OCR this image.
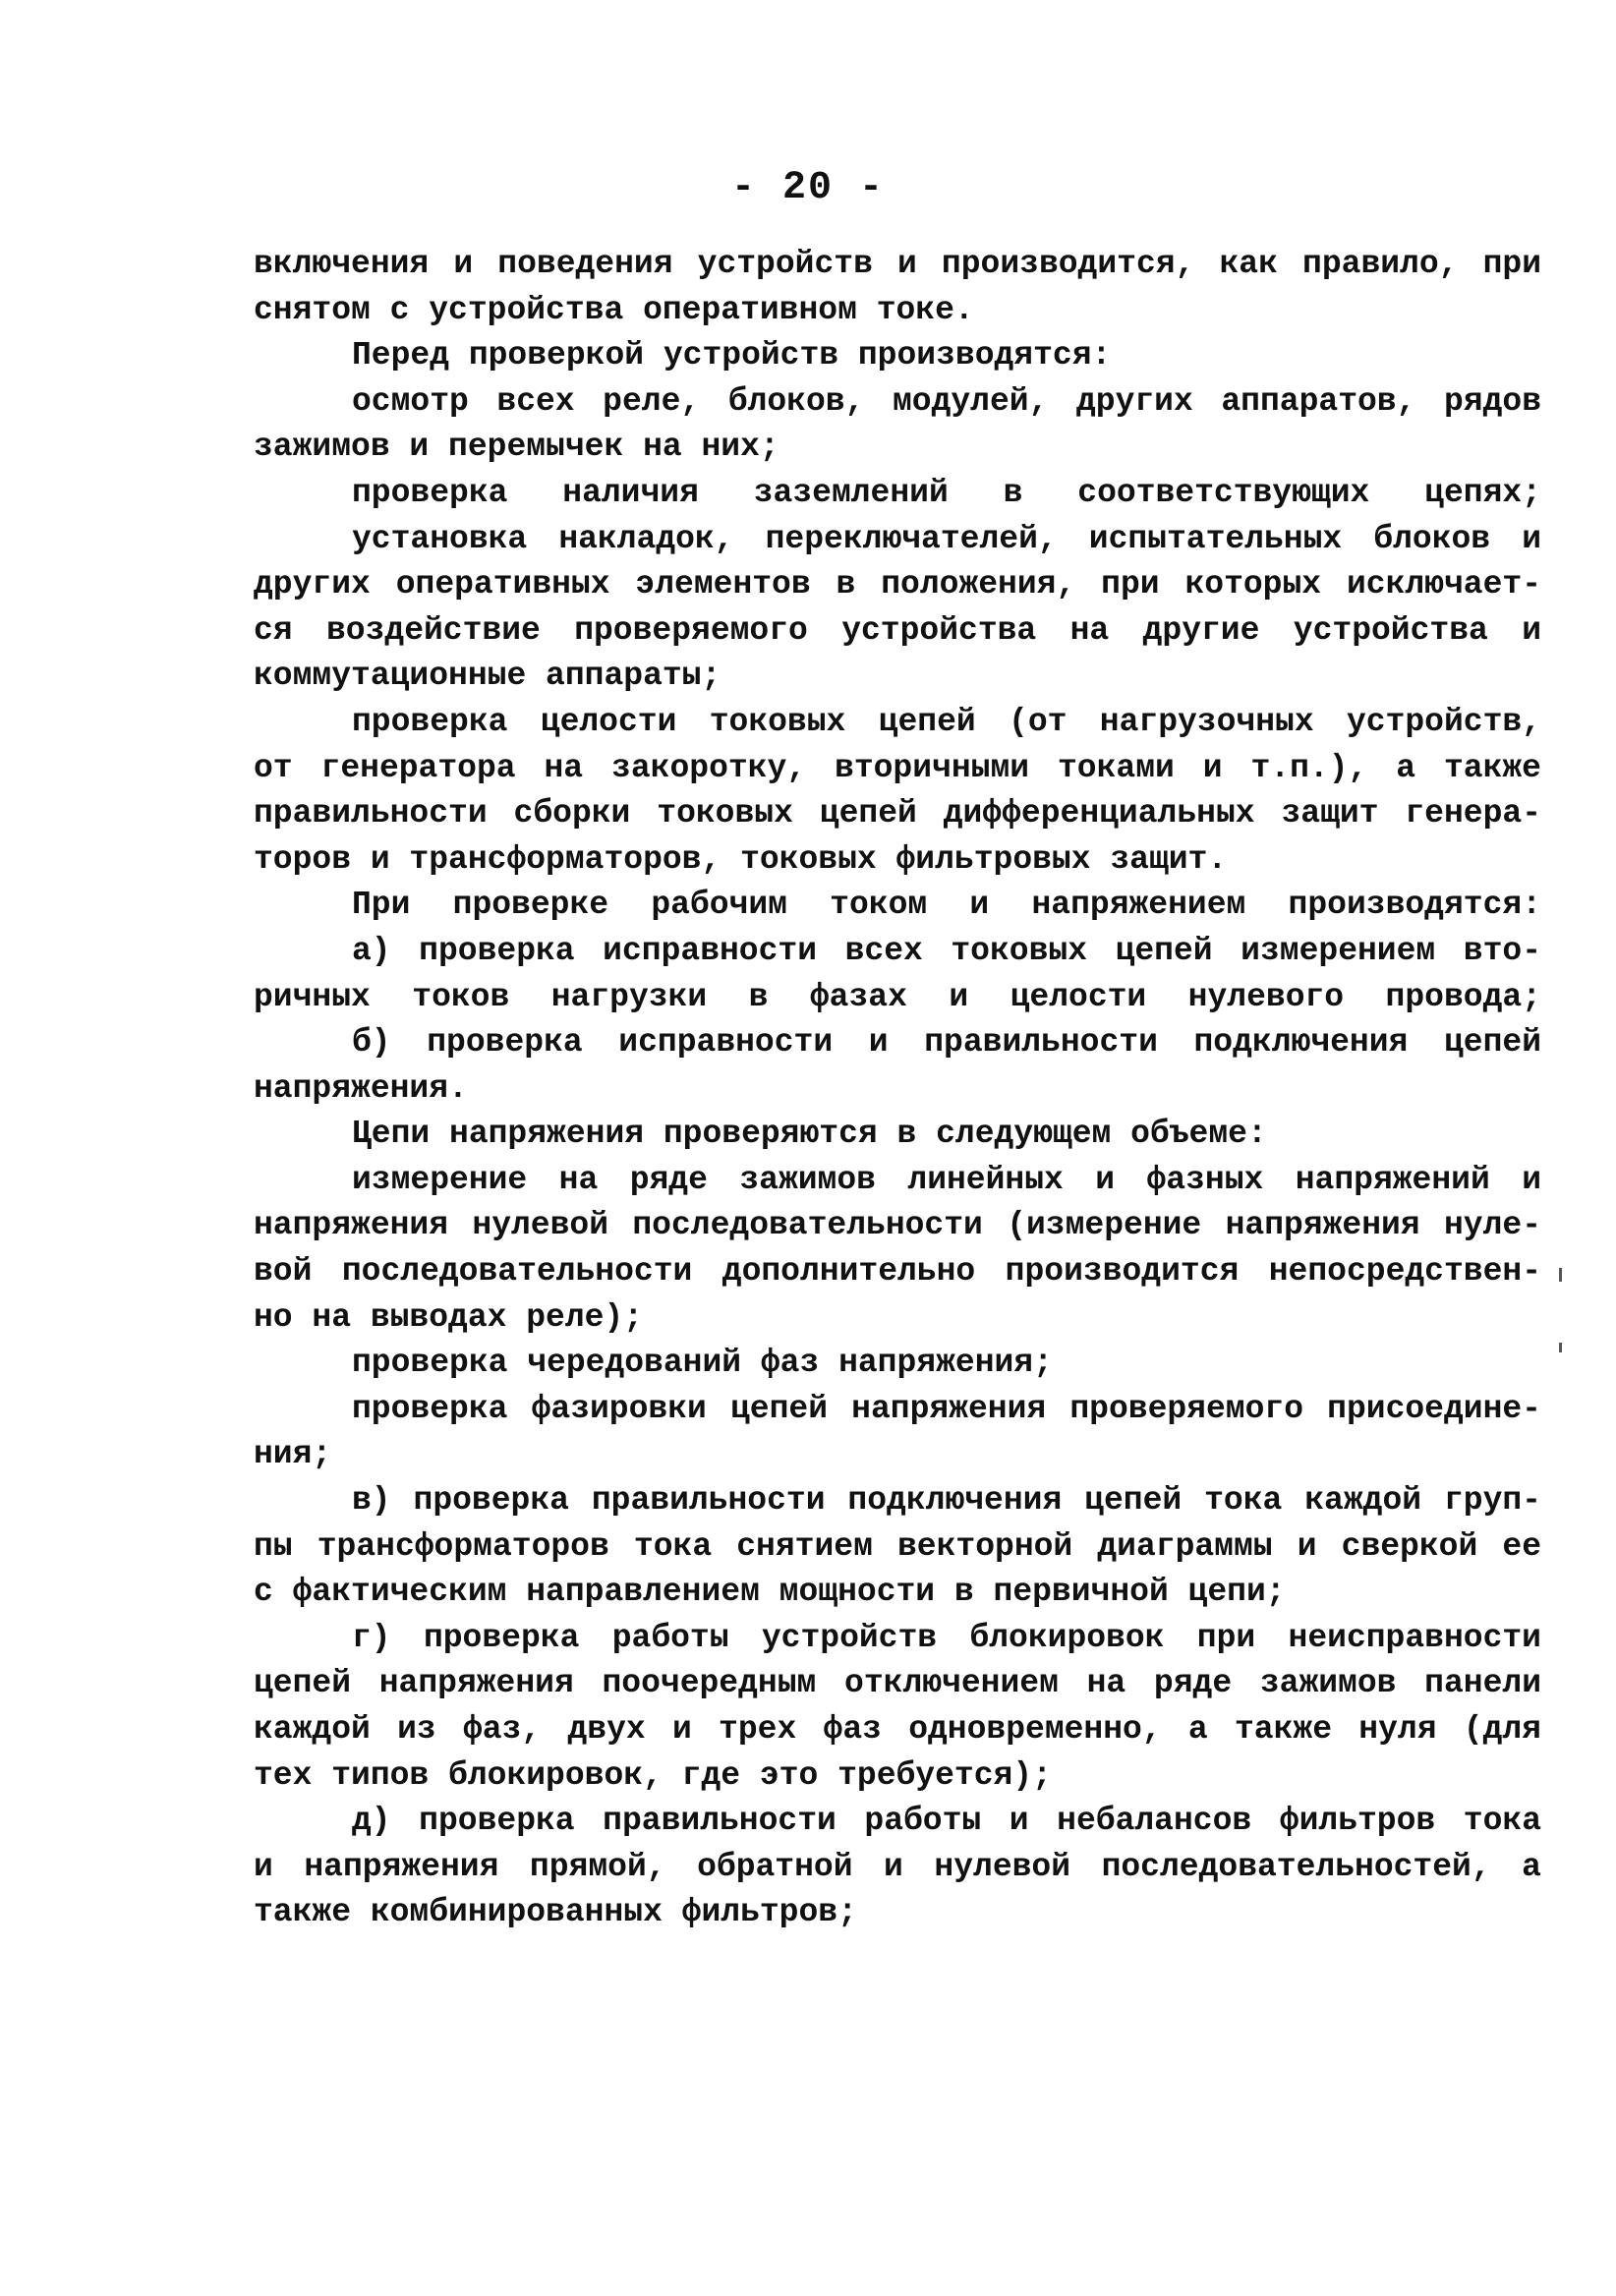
- 20 -
включения и поведения устройств и производится, как правило, при
снятом с устройства оперативном токе.
Перед проверкой устройств производятся:
осмотр всех реле, блоков, модулей, других аппаратов, рядов
зажимов и перемычек на них;
проверка наличия заземлений в соответствующих цепях;
установка накладок, переключателей, испытательных блоков и
других оперативных элементов в положения, при которых исключает-
ся воздействие проверяемого устройства на другие устройства и
коммутационные аппараты;
проверка целости токовых цепей (от нагрузочных устройств,
от генератора на закоротку, вторичными токами и т.п.), а также
правильности сборки токовых цепей дифференциальных защит генера-
торов и трансформаторов, токовых фильтровых защит.
При проверке рабочим током и напряжением производятся:
а) проверка исправности всех токовых цепей измерением вто-
ричных токов нагрузки в фазах и целости нулевого провода;
б) проверка исправности и правильности подключения цепей
напряжения.
Цепи напряжения проверяются в следующем объеме:
измерение на ряде зажимов линейных и фазных напряжений и
напряжения нулевой последовательности (измерение напряжения нуле-
вой последовательности дополнительно производится непосредствен-
но на выводах реле);
проверка чередований фаз напряжения;
проверка фазировки цепей напряжения проверяемого присоедине-
ния;
в) проверка правильности подключения цепей тока каждой груп-
пы трансформаторов тока снятием векторной диаграммы и сверкой ее
с фактическим направлением мощности в первичной цепи;
г) проверка работы устройств блокировок при неисправности
цепей напряжения поочередным отключением на ряде зажимов панели
каждой из фаз, двух и трех фаз одновременно, а также нуля (для
тех типов блокировок, где это требуется);
д) проверка правильности работы и небалансов фильтров тока
и напряжения прямой, обратной и нулевой последовательностей, а
также комбинированных фильтров;
